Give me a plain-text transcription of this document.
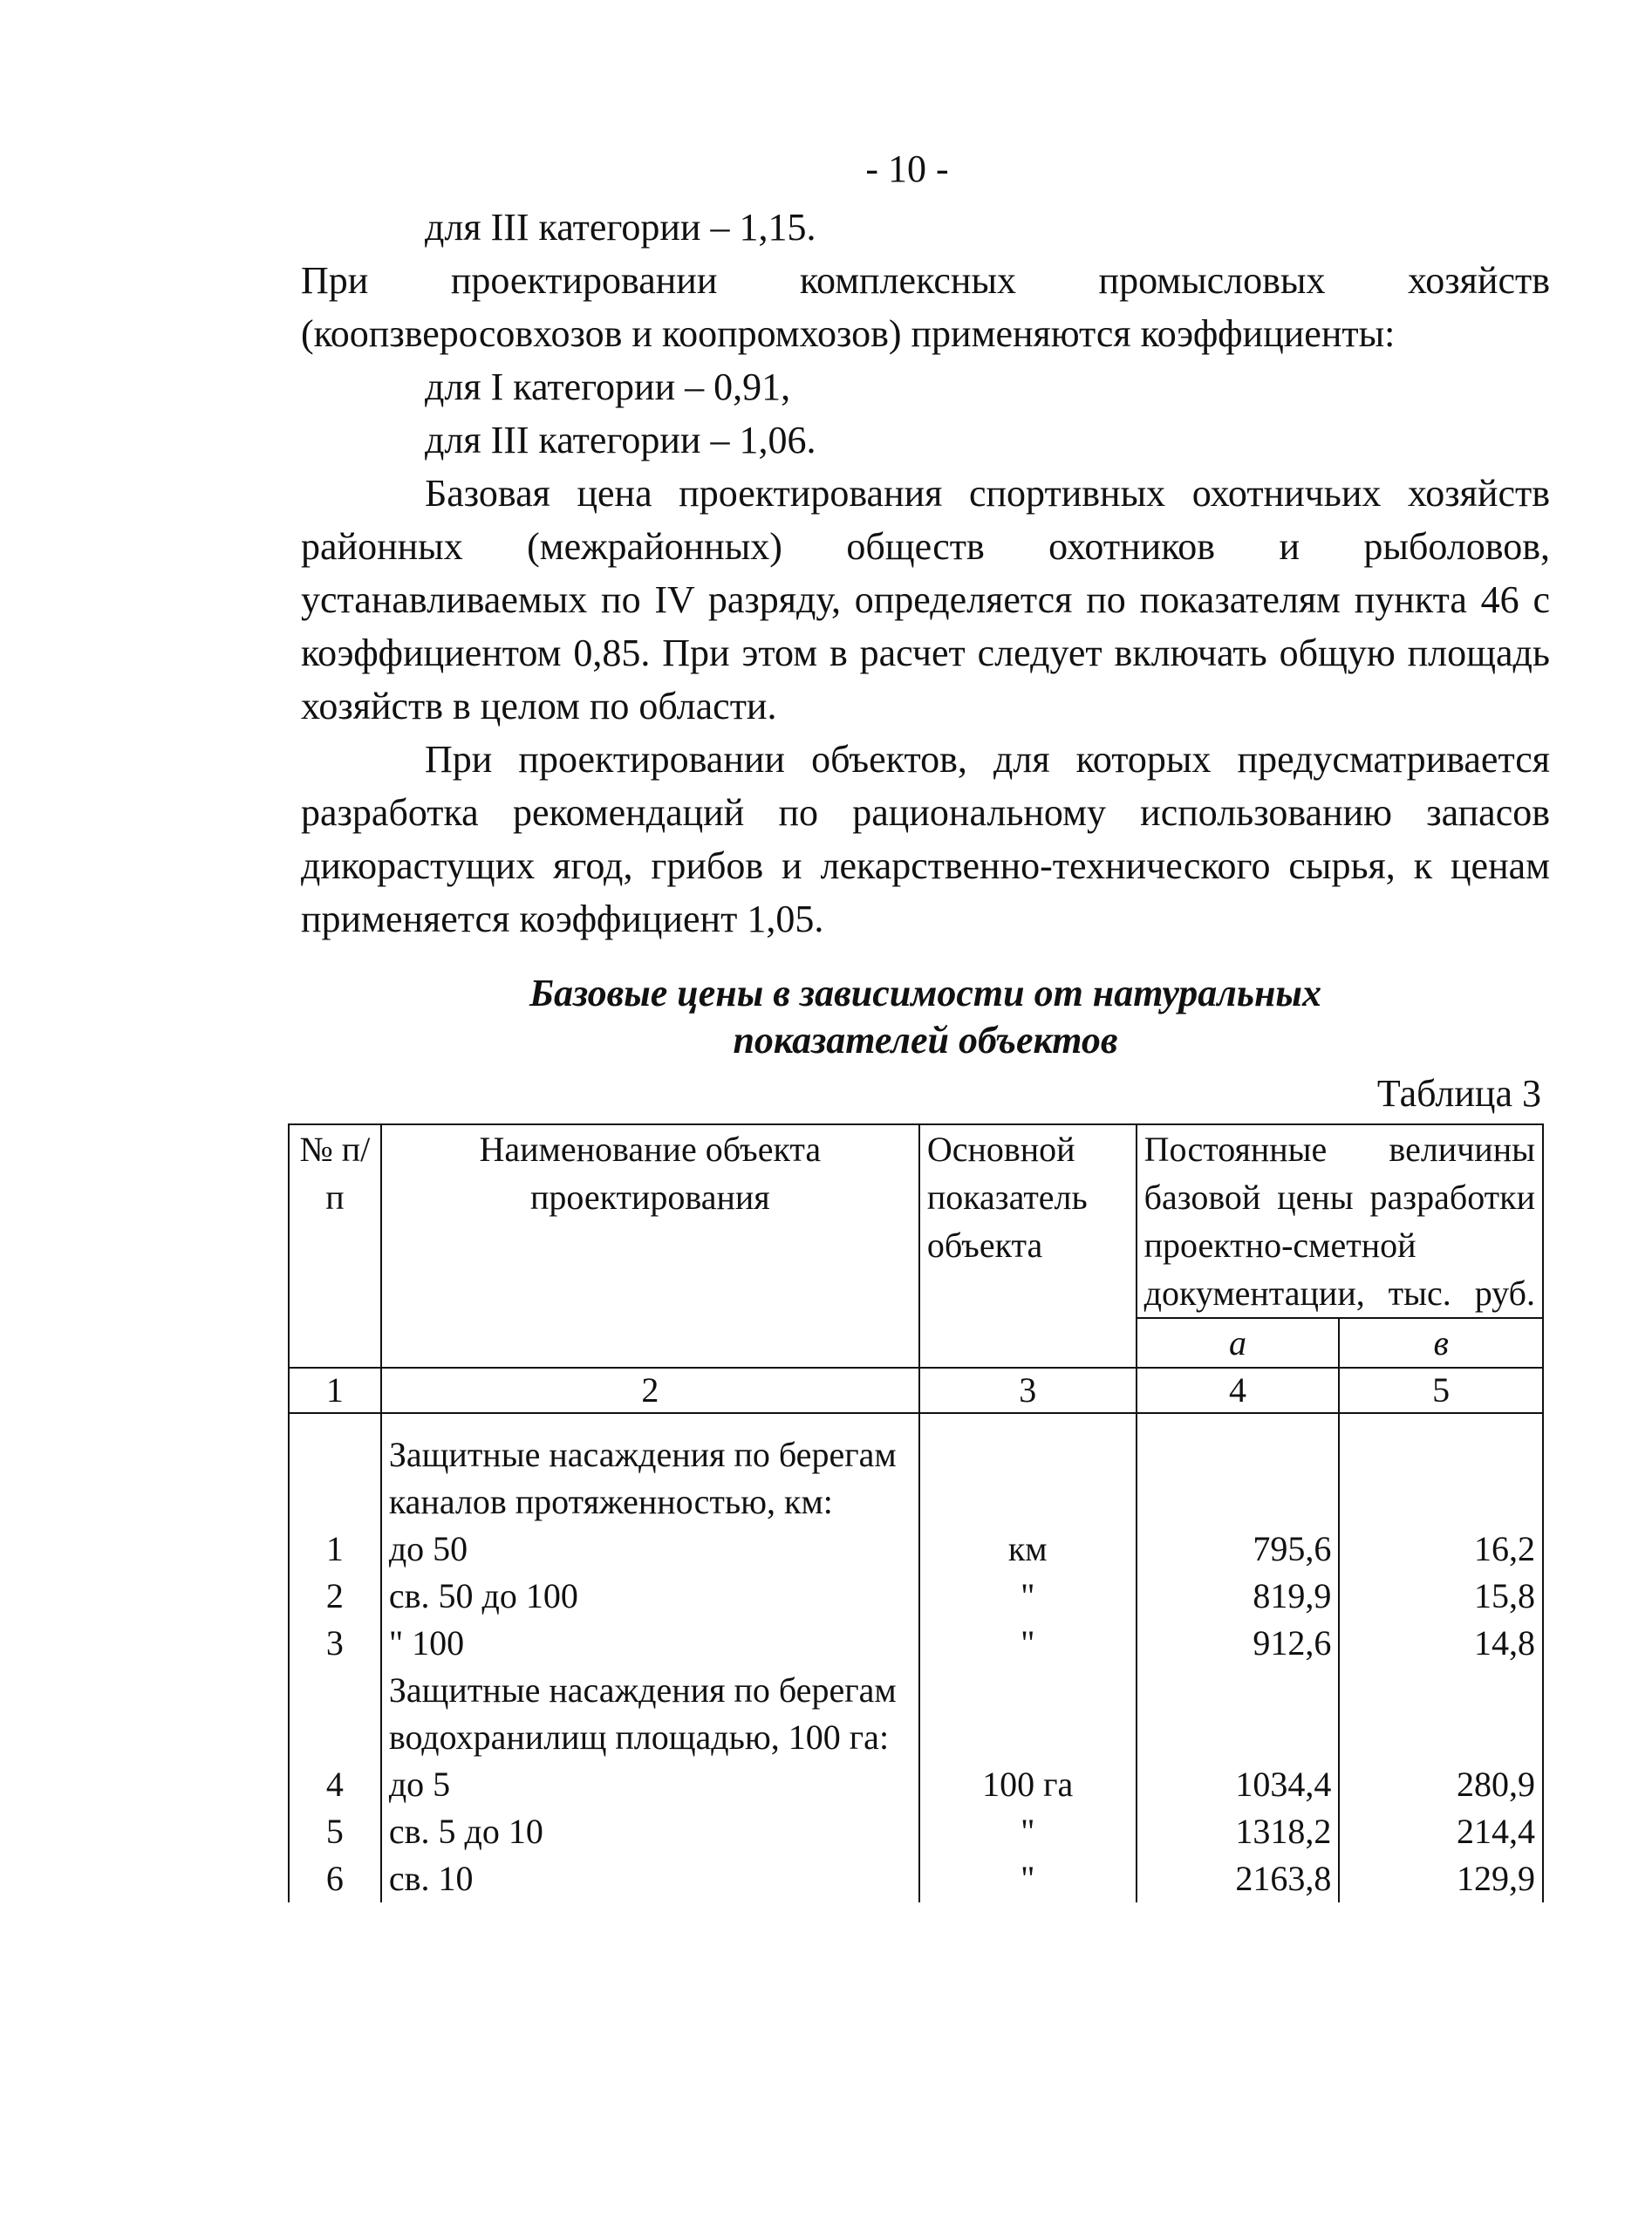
- 10 -

для III категории – 1,15.

При проектировании комплексных промысловых хозяйств (коопзверосовхозов и коопромхозов) применяются коэффициенты:

для I категории – 0,91,

для III категории – 1,06.

Базовая цена проектирования спортивных охотничьих хозяйств районных (межрайонных) обществ охотников и рыболовов, устанавливаемых по IV разряду, определяется по показателям пункта 46 с коэффициентом 0,85. При этом в расчет следует включать общую площадь хозяйств в целом по области.

При проектировании объектов, для которых предусматривается разработка рекомендаций по рациональному использованию запасов дикорастущих ягод, грибов и лекарственно-технического сырья, к ценам применяется коэффициент 1,05.

Базовые цены в зависимости от натуральных
показателей объектов
Таблица 3
№ п/п	Наименование объекта проектирования	Основной показатель объекта	Постоянные величины базовой цены разработки проектно-сметной документации, тыс. руб.	
			а	в
1	2	3	4	5

	Защитные насаждения по берегам каналов протяженностью, км:			
1	до 50	км	795,6	16,2
2	св. 50 до 100	"	819,9	15,8
3	" 100	"	912,6	14,8
	Защитные насаждения по берегам водохранилищ площадью, 100 га:			
4	до 5	100 га	1034,4	280,9
5	св. 5 до 10	"	1318,2	214,4
6	св. 10	"	2163,8	129,9
